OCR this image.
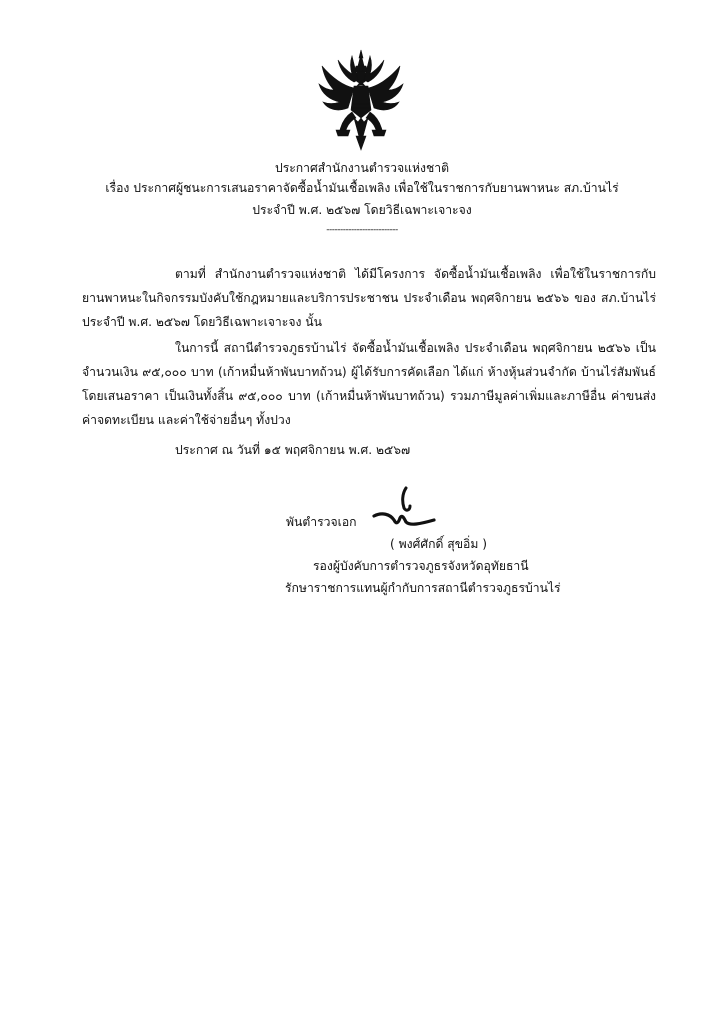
ประกาศสำนักงานตำรวจแห่งชาติ
เรื่อง ประกาศผู้ชนะการเสนอราคาจัดซื้อน้ำมันเชื้อเพลิง เพื่อใช้ในราชการกับยานพาหนะ สภ.บ้านไร่
ประจำปี พ.ศ. ๒๕๖๗ โดยวิธีเฉพาะเจาะจง
--------------------------
ตามที่ สำนักงานตำรวจแห่งชาติ ได้มีโครงการ จัดซื้อน้ำมันเชื้อเพลิง เพื่อใช้ในราชการกับ
ยานพาหนะในกิจกรรมบังคับใช้กฎหมายและบริการประชาชน ประจำเดือน พฤศจิกายน ๒๕๖๖ ของ สภ.บ้านไร่
ประจำปี พ.ศ. ๒๕๖๗ โดยวิธีเฉพาะเจาะจง นั้น
ในการนี้ สถานีตำรวจภูธรบ้านไร่ จัดซื้อน้ำมันเชื้อเพลิง ประจำเดือน พฤศจิกายน ๒๕๖๖ เป็น
จำนวนเงิน ๙๕,๐๐๐ บาท (เก้าหมื่นห้าพันบาทถ้วน) ผู้ได้รับการคัดเลือก ได้แก่ ห้างหุ้นส่วนจำกัด บ้านไร่สัมพันธ์
โดยเสนอราคา เป็นเงินทั้งสิ้น ๙๕,๐๐๐ บาท (เก้าหมื่นห้าพันบาทถ้วน) รวมภาษีมูลค่าเพิ่มและภาษีอื่น ค่าขนส่ง
ค่าจดทะเบียน และค่าใช้จ่ายอื่นๆ ทั้งปวง
ประกาศ ณ วันที่ ๑๕ พฤศจิกายน พ.ศ. ๒๕๖๗
พันตำรวจเอก
( พงศ์ศักดิ์ สุขอิ่ม )
รองผู้บังคับการตำรวจภูธรจังหวัดอุทัยธานี
รักษาราชการแทนผู้กำกับการสถานีตำรวจภูธรบ้านไร่
